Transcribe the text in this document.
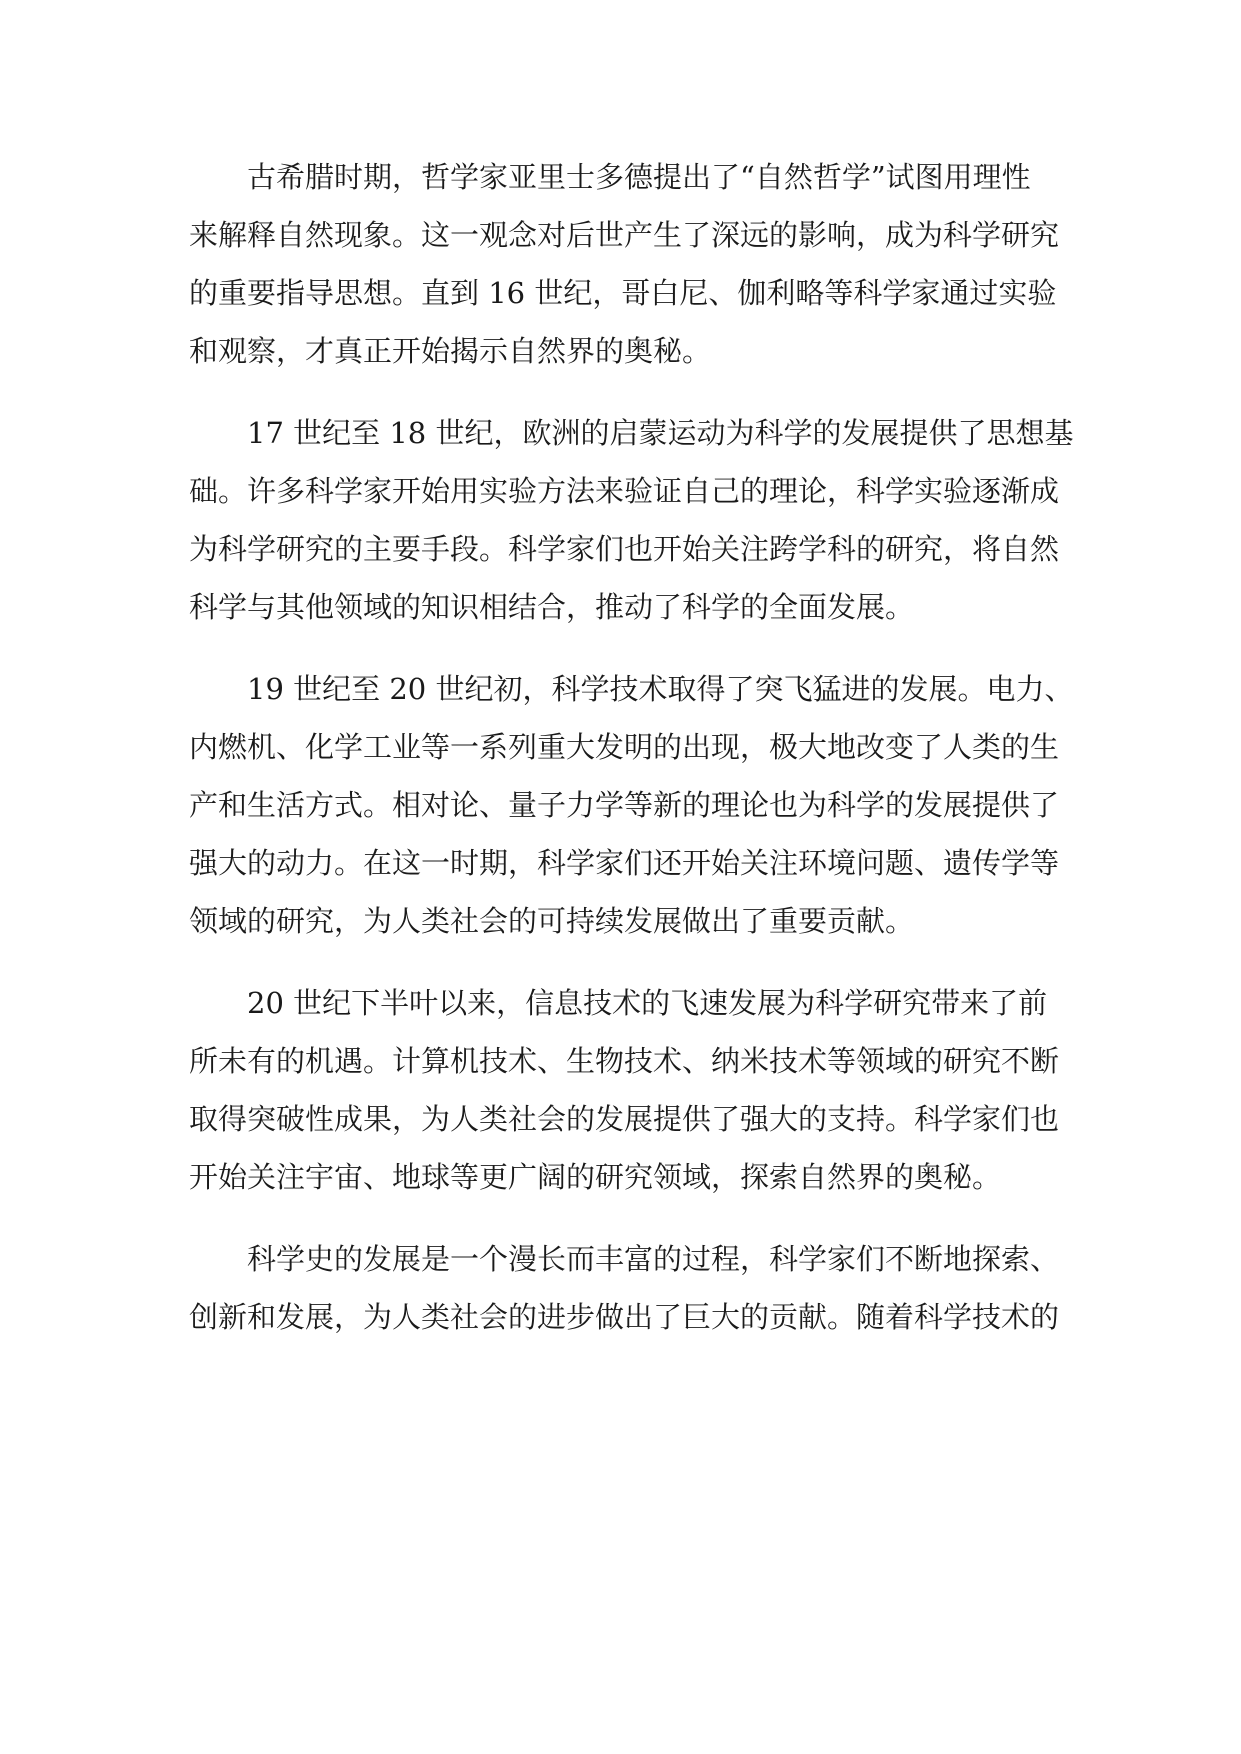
古希腊时期，哲学家亚里士多德提出了“自然哲学”试图用理性
来解释自然现象。这一观念对后世产生了深远的影响，成为科学研究
的重要指导思想。直到 16 世纪，哥白尼、伽利略等科学家通过实验
和观察，才真正开始揭示自然界的奥秘。
17 世纪至 18 世纪，欧洲的启蒙运动为科学的发展提供了思想基
础。许多科学家开始用实验方法来验证自己的理论，科学实验逐渐成
为科学研究的主要手段。科学家们也开始关注跨学科的研究，将自然
科学与其他领域的知识相结合，推动了科学的全面发展。
19 世纪至 20 世纪初，科学技术取得了突飞猛进的发展。电力、
内燃机、化学工业等一系列重大发明的出现，极大地改变了人类的生
产和生活方式。相对论、量子力学等新的理论也为科学的发展提供了
强大的动力。在这一时期，科学家们还开始关注环境问题、遗传学等
领域的研究，为人类社会的可持续发展做出了重要贡献。
20 世纪下半叶以来，信息技术的飞速发展为科学研究带来了前
所未有的机遇。计算机技术、生物技术、纳米技术等领域的研究不断
取得突破性成果，为人类社会的发展提供了强大的支持。科学家们也
开始关注宇宙、地球等更广阔的研究领域，探索自然界的奥秘。
科学史的发展是一个漫长而丰富的过程，科学家们不断地探索、
创新和发展，为人类社会的进步做出了巨大的贡献。随着科学技术的
